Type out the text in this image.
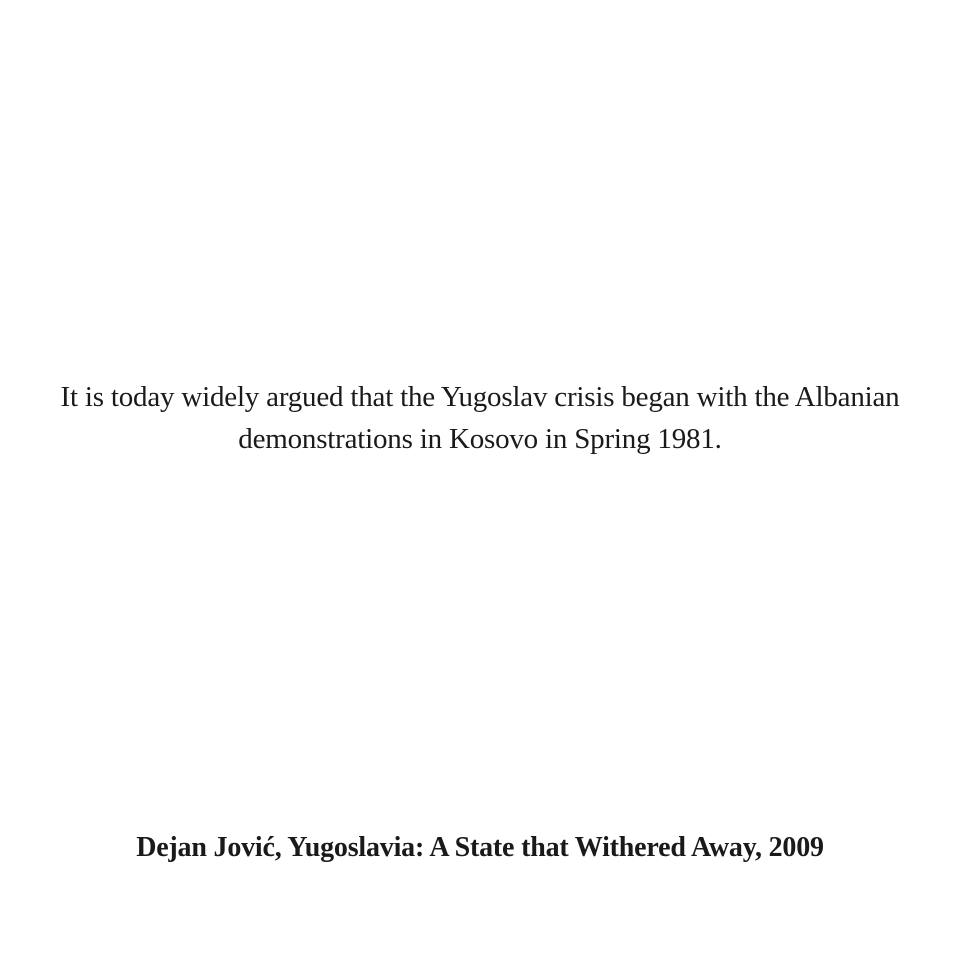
It is today widely argued that the Yugoslav crisis began with the Albanian demonstrations in Kosovo in Spring 1981.

Dejan Jović, Yugoslavia: A State that Withered Away, 2009
